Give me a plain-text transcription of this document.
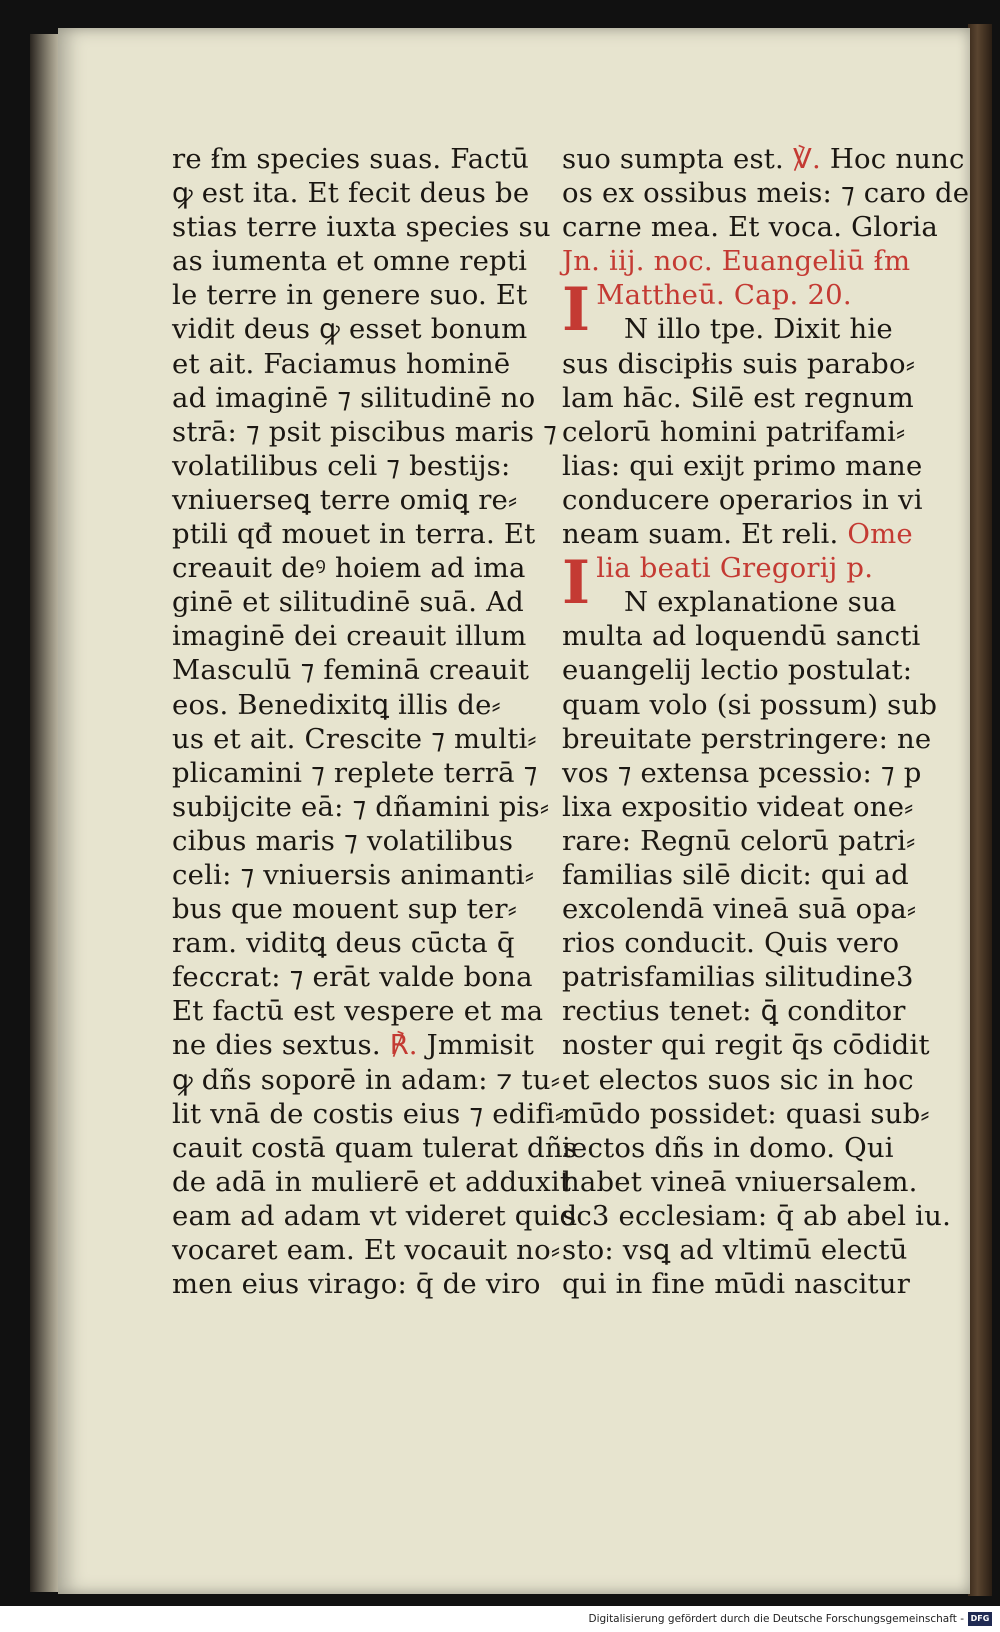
re ẜm species suas. Factū
ꝙ est ita. Et fecit deus be
stias terre iuxta species su
as iumenta et omne repti
le terre in genere suo. Et
vidit deus ꝙ esset bonum
et ait. Faciamus hominē
ad imaginē ⁊ silitudinē no
strā: ⁊ psit piscibus maris ⁊
volatilibus celi ⁊ bestijs:
vniuerseꝗ terre omiꝗ re⸗
ptili qđ mouet in terra. Et
creauit deꝰ hoiem ad ima
ginē et silitudinē suā. Ad
imaginē dei creauit illum
Masculū ⁊ feminā creauit
eos. Benedixitꝗ illis de⸗
us et ait. Crescite ⁊ multi⸗
plicamini ⁊ replete terrā ⁊
subijcite eā: ⁊ dñamini pis⸗
cibus maris ⁊ volatilibus
celi: ⁊ vniuersis animanti⸗
bus que mouent sup ter⸗
ram. viditꝗ deus cūcta q̄
feccrat: ⁊ erāt valde bona
Et factū est vespere et ma
ne dies sextus. ℟. Jmmisit
ꝙ dñs soporē in adam: ⁊ tu⸗
lit vnā de costis eius ⁊ edifi⸗
cauit costā quam tulerat dñs
de adā in mulierē et adduxit
eam ad adam vt videret quid
vocaret eam. Et vocauit no⸗
men eius virago: q̄ de viro
suo sumpta est. ℣. Hoc nunc
os ex ossibus meis: ⁊ caro de
carne mea. Et voca. Gloria
Jn. iij. noc. Euangeliū ẜm
I Mattheū. Cap. 20.
N illo tpe. Dixit hie
sus discipłis suis parabo⸗
lam hāc. Silē est regnum
celorū homini patrifami⸗
lias: qui exijt primo mane
conducere operarios in vi
neam suam. Et reli. Ome
Ilia beati Gregorij p.
N explanatione sua
multa ad loquendū sancti
euangelij lectio postulat:
quam volo (si possum) sub
breuitate perstringere: ne
vos ⁊ extensa pcessio: ⁊ p
lixa expositio videat one⸗
rare: Regnū celorū patri⸗
familias silē dicit: qui ad
excolendā vineā suā opa⸗
rios conducit. Quis vero
patrisfamilias silitudine3
rectius tenet: ꝗ̄ conditor
noster qui regit q̄s cōdidit
et electos suos sic in hoc
mūdo possidet: quasi sub⸗
iectos dñs in domo. Qui
habet vineā vniuersalem.
sc3 ecclesiam: q̄ ab abel iu.
sto: vsꝗ ad vltimū electū
qui in fine mūdi nascitur
Digitalisierung gefördert durch die Deutsche Forschungsgemeinschaft - DFG
